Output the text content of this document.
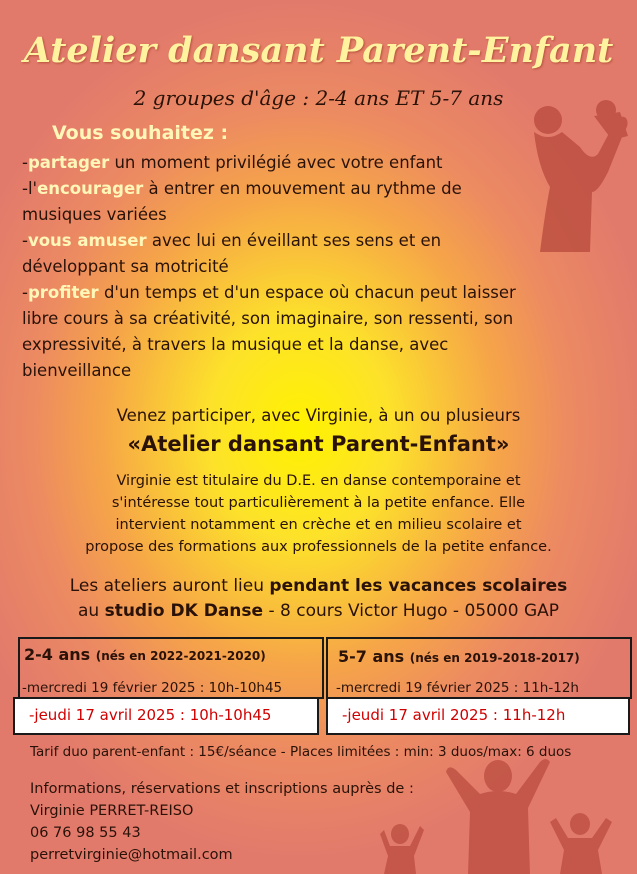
Atelier dansant Parent-Enfant
2 groupes d'âge : 2-4 ans ET 5-7 ans
Vous souhaitez :

-partager un moment privilégié avec votre enfant

-l'encourager à entrer en mouvement au rythme de musiques variées

-vous amuser avec lui en éveillant ses sens et en développant sa motricité

-profiter d'un temps et d'un espace où chacun peut laisser libre cours à sa créativité, son imaginaire, son ressenti, son expressivité, à travers la musique et la danse, avec bienveillance

Venez participer, avec Virginie, à un ou plusieurs
«Atelier dansant Parent-Enfant»
Virginie est titulaire du D.E. en danse contemporaine et
s'intéresse tout particulièrement à la petite enfance. Elle
intervient notamment en crèche et en milieu scolaire et
propose des formations aux professionnels de la petite enfance.
Les ateliers auront lieu pendant les vacances scolaires
au studio DK Danse - 8 cours Victor Hugo - 05000 GAP
2-4 ans (nés en 2022-2021-2020)
-mercredi 19 février 2025 : 10h-10h45
-jeudi 17 avril 2025 : 10h-10h45
5-7 ans (nés en 2019-2018-2017)
-mercredi 19 février 2025 : 11h-12h
-jeudi 17 avril 2025 : 11h-12h
Tarif duo parent-enfant : 15€/séance - Places limitées : min: 3 duos/max: 6 duos
Informations, réservations et inscriptions auprès de :
Virginie PERRET-REISO
06 76 98 55 43
perretvirginie@hotmail.com
